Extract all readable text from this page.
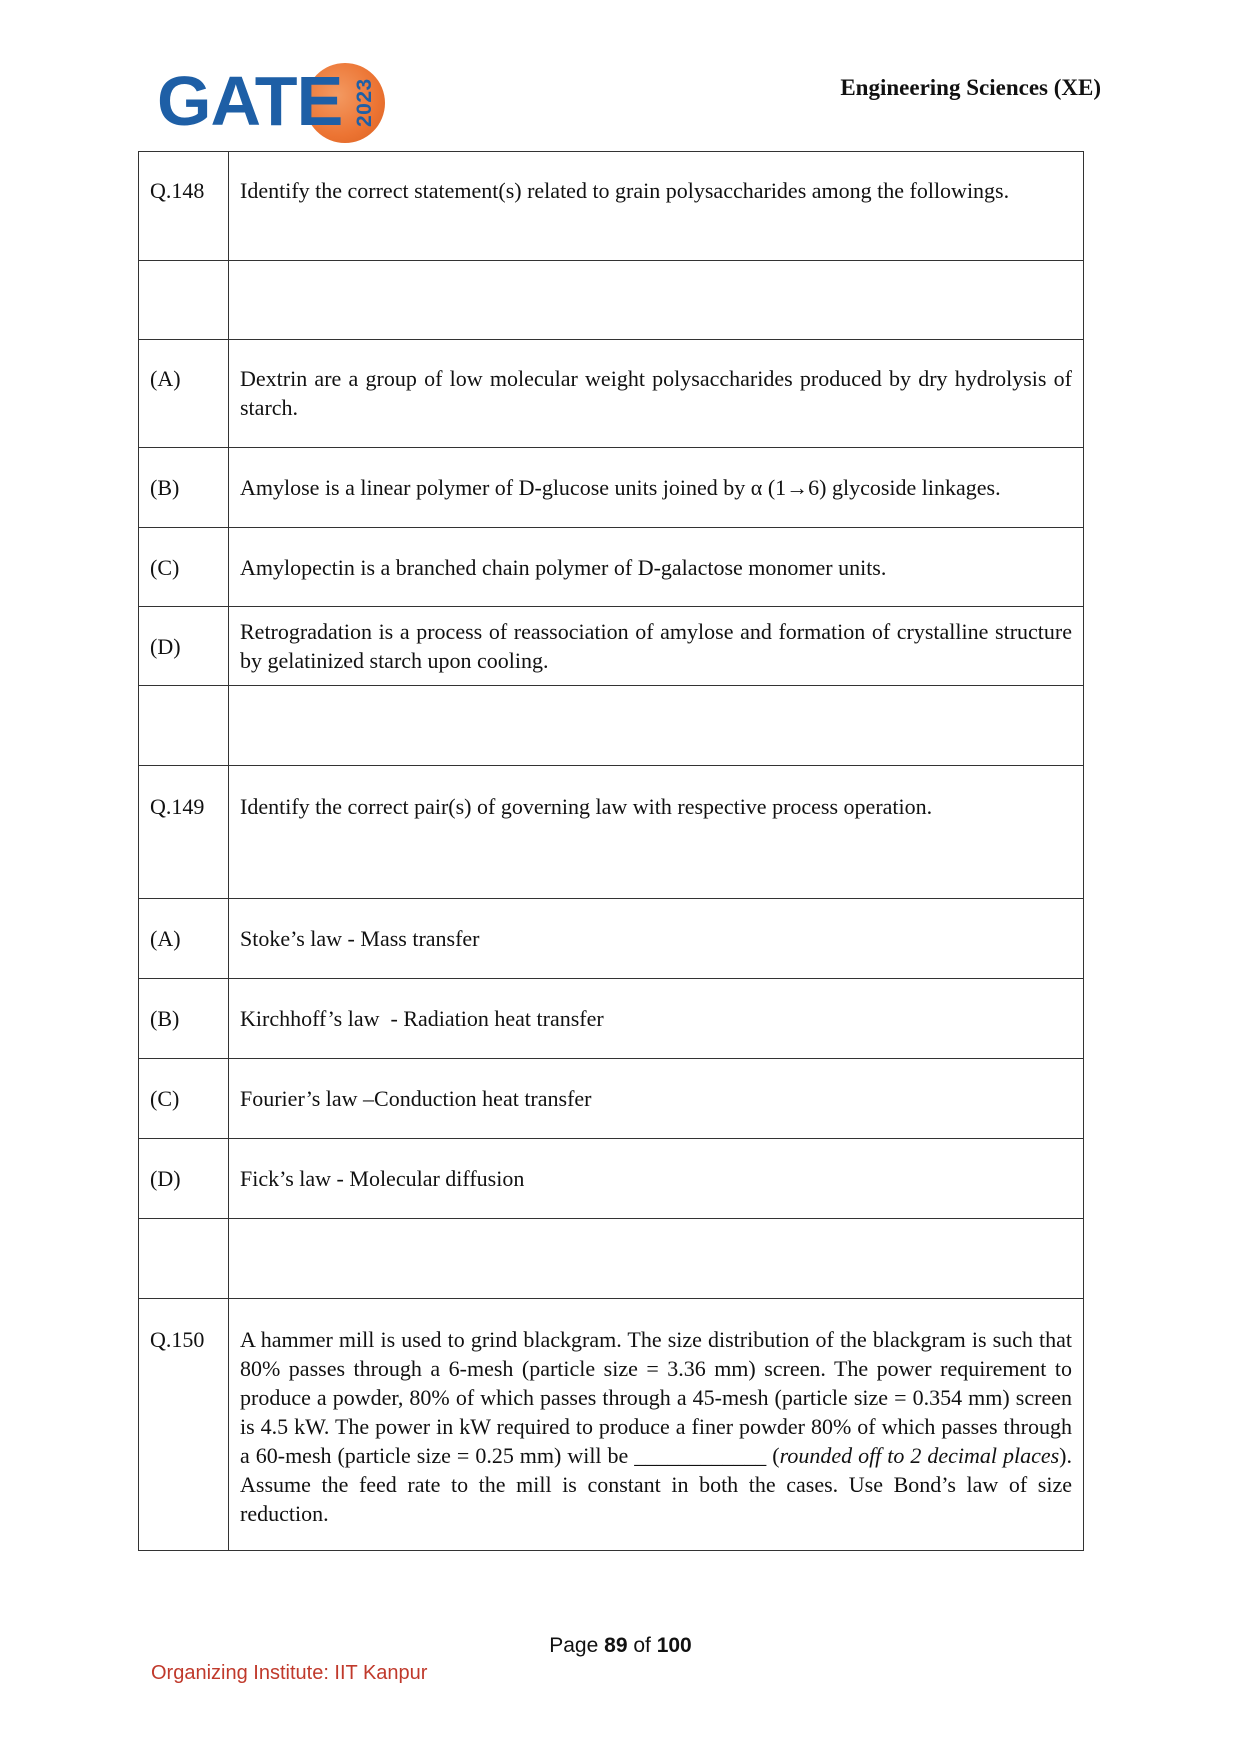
GATE 2023	Engineering Sciences (XE)
Q.148	Identify the correct statement(s) related to grain polysaccharides among the followings.

(A)	Dextrin are a group of low molecular weight polysaccharides produced by dry hydrolysis of starch.
(B)	Amylose is a linear polymer of D-glucose units joined by α (1→6) glycoside linkages.
(C)	Amylopectin is a branched chain polymer of D-galactose monomer units.
(D)	Retrogradation is a process of reassociation of amylose and formation of crystalline structure by gelatinized starch upon cooling.

Q.149	Identify the correct pair(s) of governing law with respective process operation.
(A)	Stoke’s law - Mass transfer
(B)	Kirchhoff’s law  - Radiation heat transfer
(C)	Fourier’s law –Conduction heat transfer
(D)	Fick’s law - Molecular diffusion

Q.150	A hammer mill is used to grind blackgram. The size distribution of the blackgram is such that 80% passes through a 6-mesh (particle size = 3.36 mm) screen. The power requirement to produce a powder, 80% of which passes through a 45-mesh (particle size = 0.354 mm) screen is 4.5 kW. The power in kW required to produce a finer powder 80% of which passes through a 60-mesh (particle size = 0.25 mm) will be ____________ (rounded off to 2 decimal places). Assume the feed rate to the mill is constant in both the cases. Use Bond’s law of size reduction.
Page 89 of 100
Organizing Institute: IIT Kanpur
